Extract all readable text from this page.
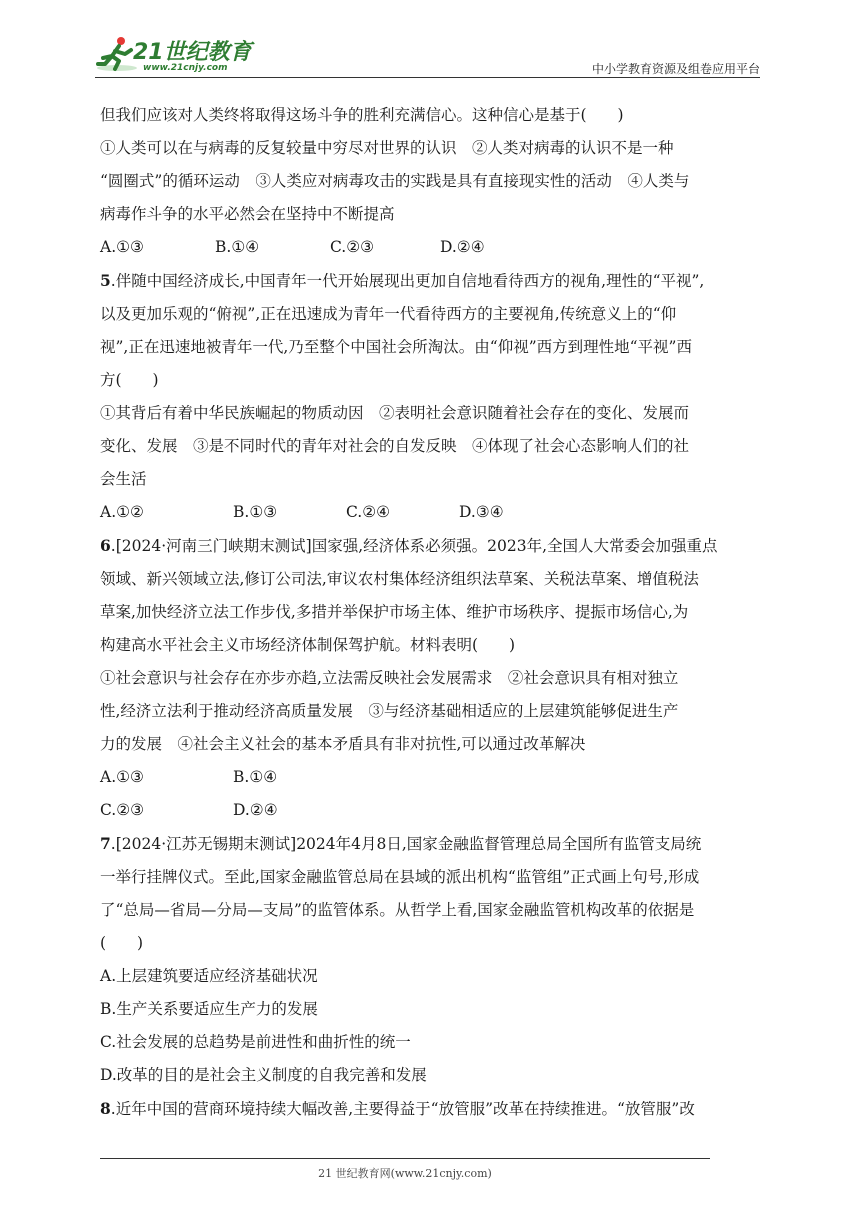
21世纪教育
www.21cnjy.com	中小学教育资源及组卷应用平台

但我们应该对人类终将取得这场斗争的胜利充满信心。这种信心是基于(　　)

①人类可以在与病毒的反复较量中穷尽对世界的认识　②人类对病毒的认识不是一种

“圆圈式”的循环运动　③人类应对病毒攻击的实践是具有直接现实性的活动　④人类与

病毒作斗争的水平必然会在坚持中不断提高

A.①③	B.①④	C.②③	D.②④

5.伴随中国经济成长,中国青年一代开始展现出更加自信地看待西方的视角,理性的“平视”,

以及更加乐观的“俯视”,正在迅速成为青年一代看待西方的主要视角,传统意义上的“仰

视”,正在迅速地被青年一代,乃至整个中国社会所淘汰。由“仰视”西方到理性地“平视”西

方(　　)

①其背后有着中华民族崛起的物质动因　②表明社会意识随着社会存在的变化、发展而

变化、发展　③是不同时代的青年对社会的自发反映　④体现了社会心态影响人们的社

会生活

A.①②	B.①③	C.②④	D.③④

6.[2024·河南三门峡期末测试]国家强,经济体系必须强。2023年,全国人大常委会加强重点

领域、新兴领域立法,修订公司法,审议农村集体经济组织法草案、关税法草案、增值税法

草案,加快经济立法工作步伐,多措并举保护市场主体、维护市场秩序、提振市场信心,为

构建高水平社会主义市场经济体制保驾护航。材料表明(　　)

①社会意识与社会存在亦步亦趋,立法需反映社会发展需求　②社会意识具有相对独立

性,经济立法利于推动经济高质量发展　③与经济基础相适应的上层建筑能够促进生产

力的发展　④社会主义社会的基本矛盾具有非对抗性,可以通过改革解决

A.①③	B.①④
C.②③	D.②④

7.[2024·江苏无锡期末测试]2024年4月8日,国家金融监督管理总局全国所有监管支局统

一举行挂牌仪式。至此,国家金融监管总局在县域的派出机构“监管组”正式画上句号,形成

了“总局—省局—分局—支局”的监管体系。从哲学上看,国家金融监管机构改革的依据是

(　　)

A.上层建筑要适应经济基础状况

B.生产关系要适应生产力的发展

C.社会发展的总趋势是前进性和曲折性的统一

D.改革的目的是社会主义制度的自我完善和发展

8.近年中国的营商环境持续大幅改善,主要得益于“放管服”改革在持续推进。“放管服”改

21 世纪教育网(www.21cnjy.com)
